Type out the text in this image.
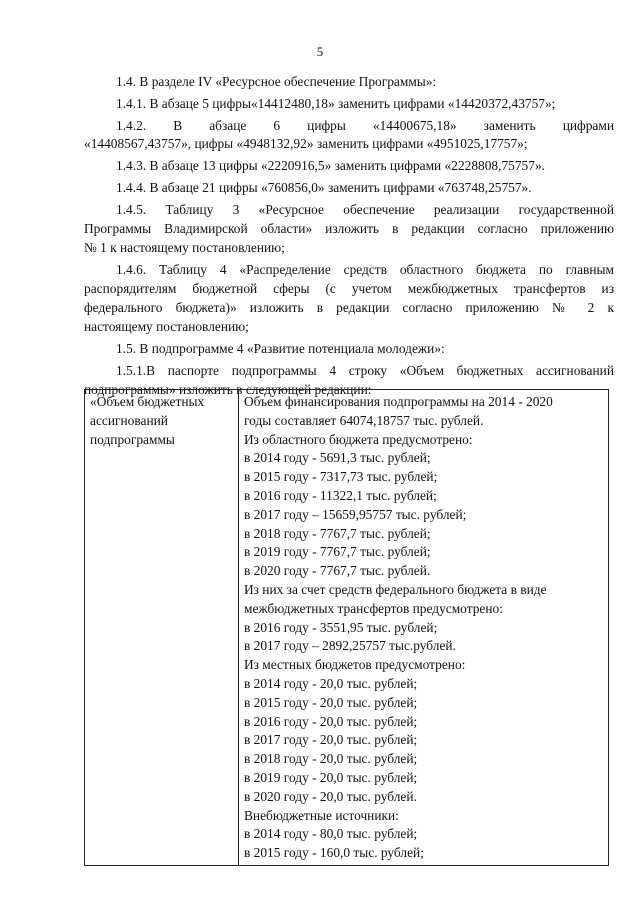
5
1.4. В разделе IV «Ресурсное обеспечение Программы»:
1.4.1. В абзаце 5 цифры«14412480,18» заменить цифрами «14420372,43757»;
1.4.2. В абзаце 6 цифры «14400675,18» заменить цифрами
«14408567,43757», цифры «4948132,92» заменить цифрами «4951025,17757»;
1.4.3. В абзаце 13 цифры «2220916,5» заменить цифрами «2228808,75757».
1.4.4. В абзаце 21 цифры «760856,0» заменить цифрами «763748,25757».
1.4.5. Таблицу 3 «Ресурсное обеспечение реализации государственной
Программы Владимирской области» изложить в редакции согласно приложению
№ 1 к настоящему постановлению;
1.4.6. Таблицу 4 «Распределение средств областного бюджета по главным
распорядителям бюджетной сферы (с учетом межбюджетных трансфертов из
федерального бюджета)» изложить в редакции согласно приложению № 2 к
настоящему постановлению;
1.5. В подпрограмме 4 «Развитие потенциала молодежи»:
1.5.1.В паспорте подпрограммы 4 строку «Объем бюджетных ассигнований
подпрограммы» изложить в следующей редакции:
«Объем бюджетных
ассигнований
подпрограммы

Объем финансирования подпрограммы на 2014 - 2020
годы составляет 64074,18757 тыс. рублей.
Из областного бюджета предусмотрено:
в 2014 году - 5691,3 тыс. рублей;
в 2015 году - 7317,73 тыс. рублей;
в 2016 году - 11322,1 тыс. рублей;
в 2017 году – 15659,95757 тыс. рублей;
в 2018 году - 7767,7 тыс. рублей;
в 2019 году - 7767,7 тыс. рублей;
в 2020 году - 7767,7 тыс. рублей.
Из них за счет средств федерального бюджета в виде
межбюджетных трансфертов предусмотрено:
в 2016 году - 3551,95 тыс. рублей;
в 2017 году – 2892,25757 тыс.рублей.
Из местных бюджетов предусмотрено:
в 2014 году - 20,0 тыс. рублей;
в 2015 году - 20,0 тыс. рублей;
в 2016 году - 20,0 тыс. рублей;
в 2017 году - 20,0 тыс. рублей;
в 2018 году - 20,0 тыс. рублей;
в 2019 году - 20,0 тыс. рублей;
в 2020 году - 20,0 тыс. рублей.
Внебюджетные источники:
в 2014 году - 80,0 тыс. рублей;
в 2015 году - 160,0 тыс. рублей;
